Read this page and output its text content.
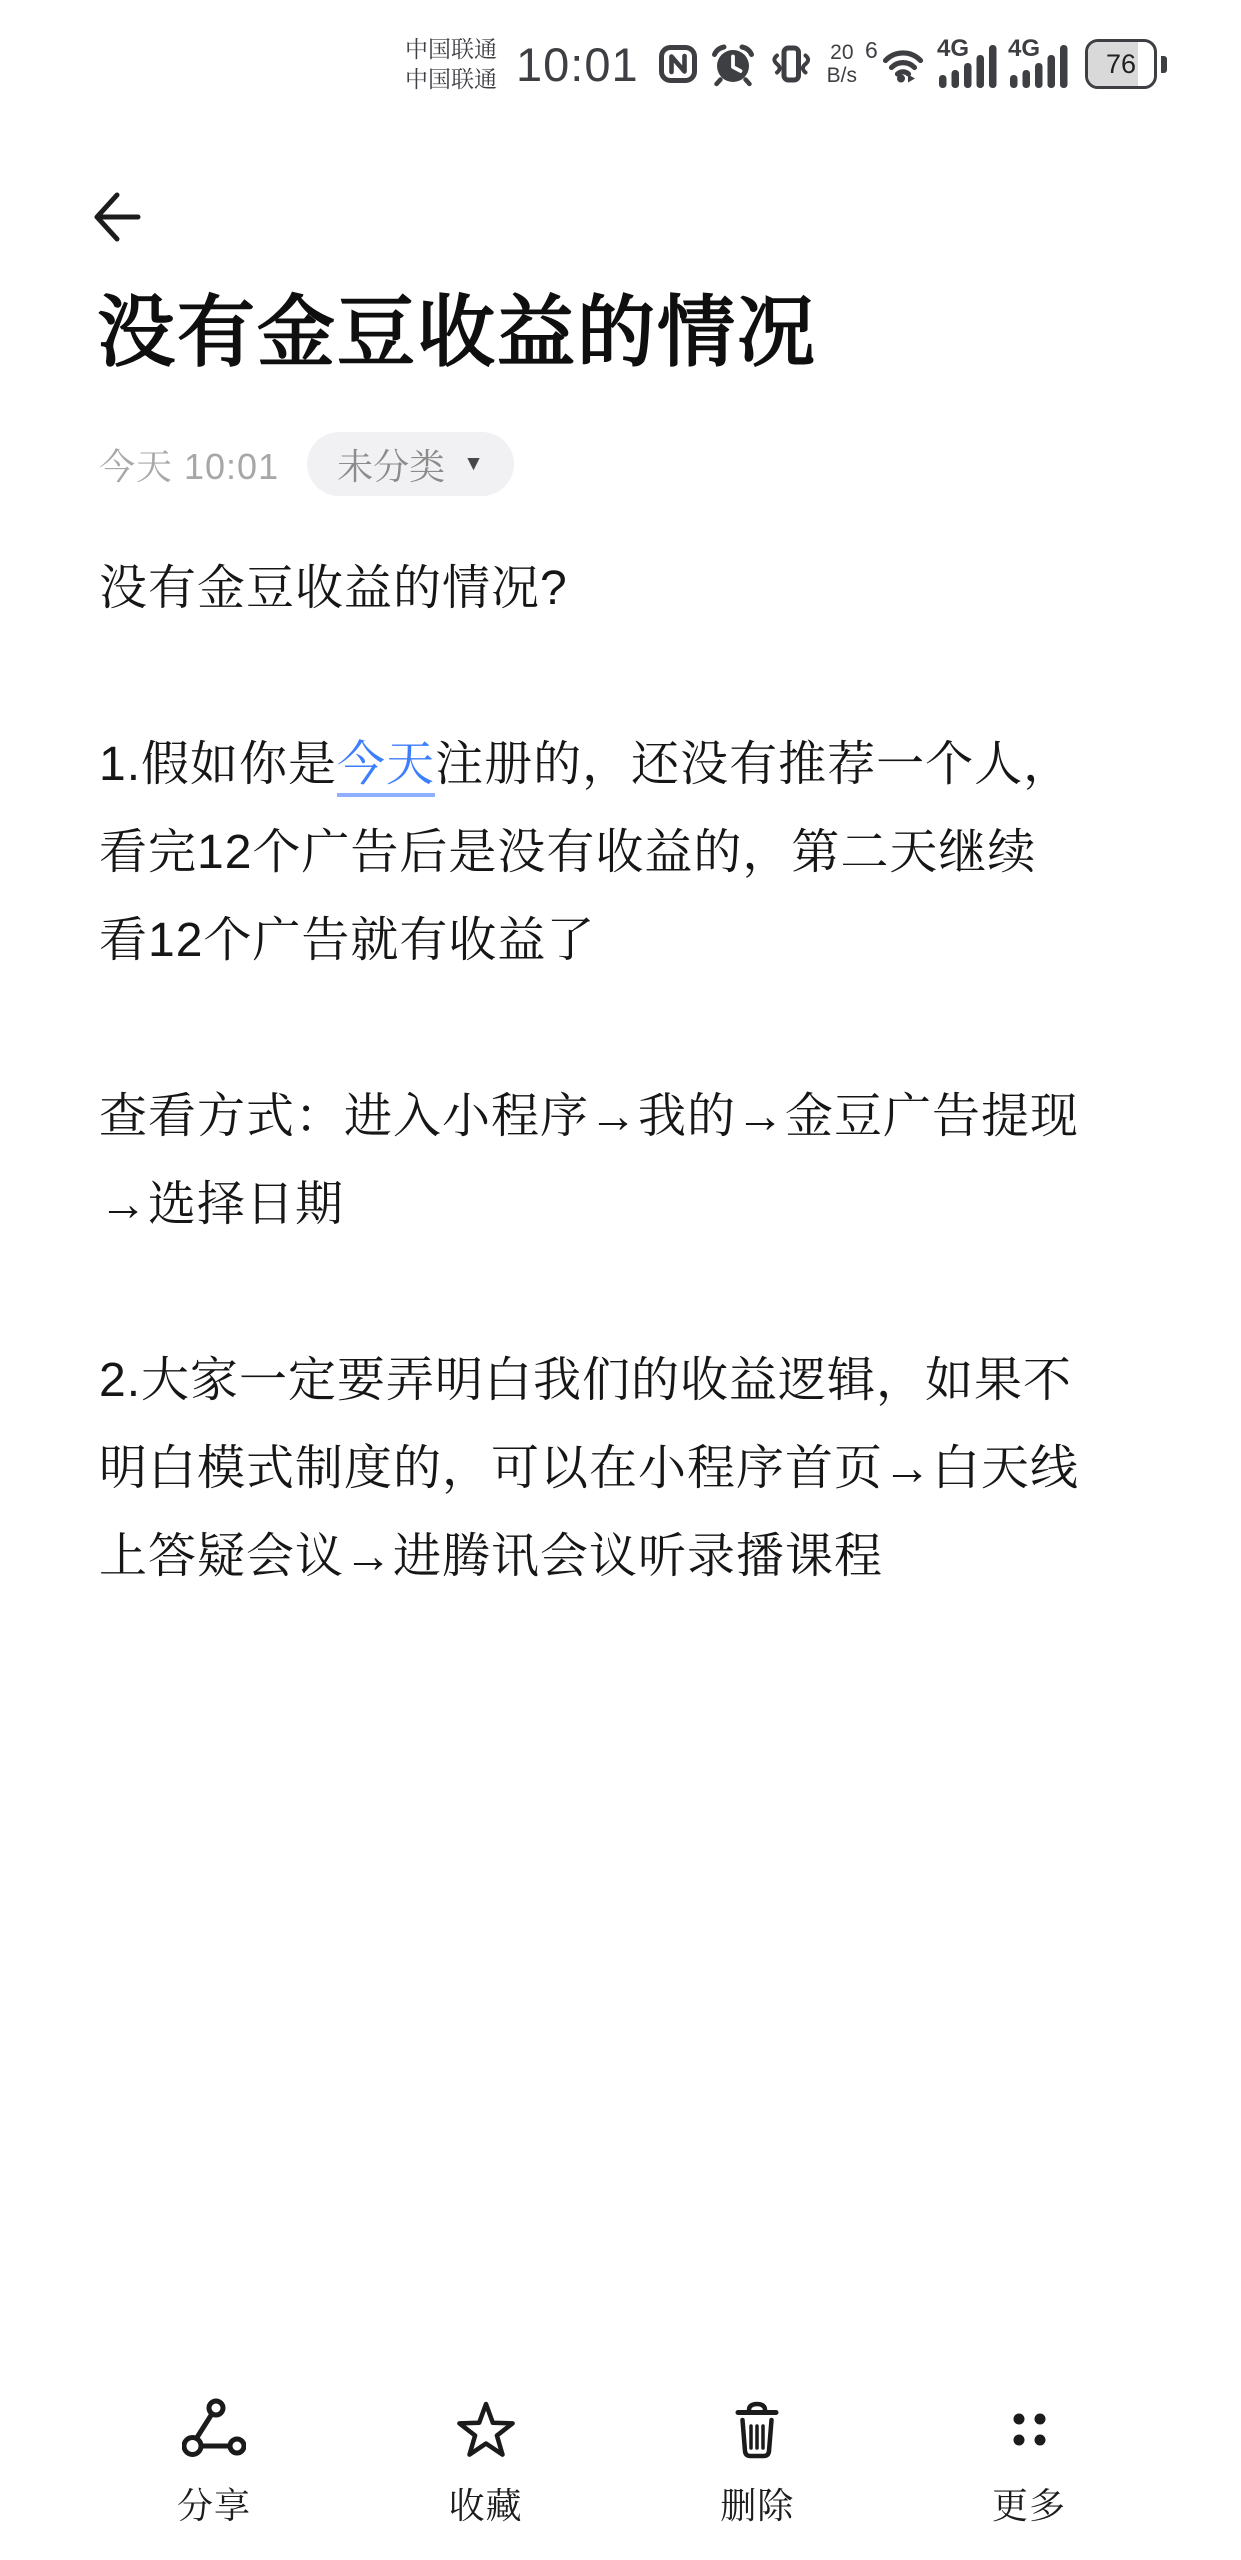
中国联通
中国联通 10:01	20
B/s
6 4G 4G 76
没有金豆收益的情况
今天 10:01 未分类 ▼
没有金豆收益的情况?
1.假如你是今天注册的，还没有推荐一个人，
看完12个广告后是没有收益的，第二天继续
看12个广告就有收益了
查看方式：进入小程序→我的→金豆广告提现
→选择日期
2.大家一定要弄明白我们的收益逻辑，如果不
明白模式制度的，可以在小程序首页→白天线
上答疑会议→进腾讯会议听录播课程
分享	收藏	删除	更多
